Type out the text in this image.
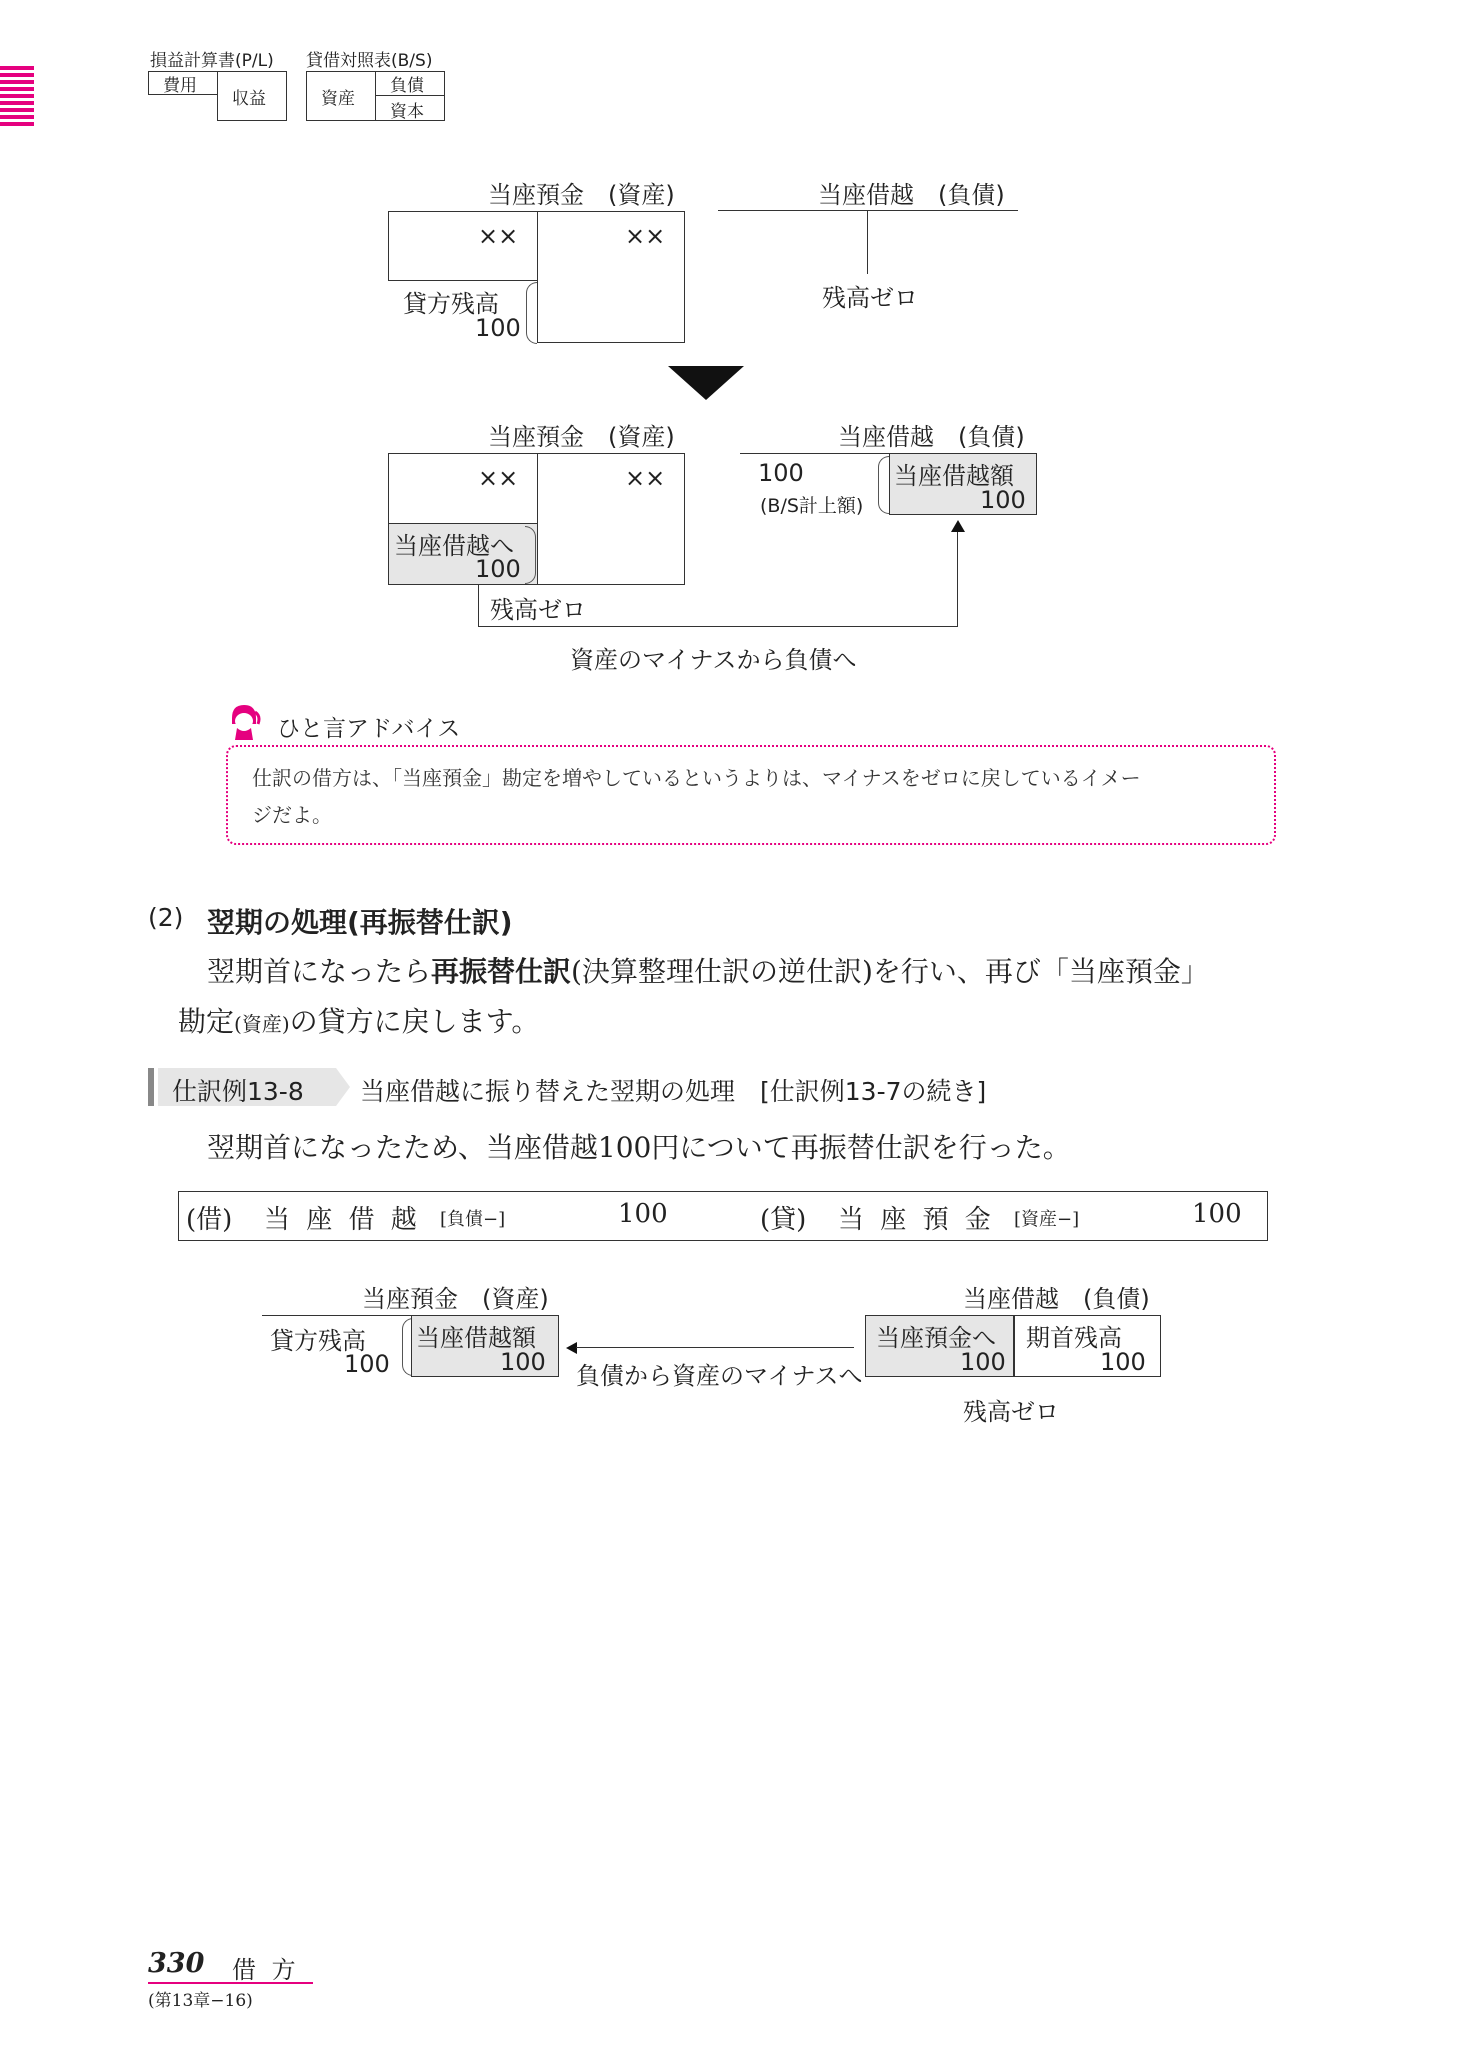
損益計算書(P/L) 貸借対照表(B/S)
費用
収益	資産
負債
資本
当座預金　(資産)	当座借越　(負債)
××	××
貸方残高
100
残高ゼロ
当座預金　(資産)	当座借越　(負債)
××	××
当座借越へ
100
残高ゼロ
100
(B/S計上額)
当座借越額
100
資産のマイナスから負債へ
ひと言アドバイス
仕訳の借方は、「当座預金」勘定を増やしているというよりは、マイナスをゼロに戻しているイメー
ジだよ。
(2) 翌期の処理(再振替仕訳)
翌期首になったら再振替仕訳(決算整理仕訳の逆仕訳)を行い、再び「当座預金」
勘定(資産)の貸方に戻します。
仕訳例13-8 当座借越に振り替えた翌期の処理　[仕訳例13-7の続き]
翌期首になったため、当座借越100円について再振替仕訳を行った。
(借) 当 座 借 越 [負債−]	100	(貸) 当 座 預 金 [資産−]	100
当座預金　(資産)	当座借越　(負債)
貸方残高
100
当座借越額
100 負債から資産のマイナスへ
当座預金へ
100
期首残高
100
残高ゼロ
330 借 方
(第13章−16)
